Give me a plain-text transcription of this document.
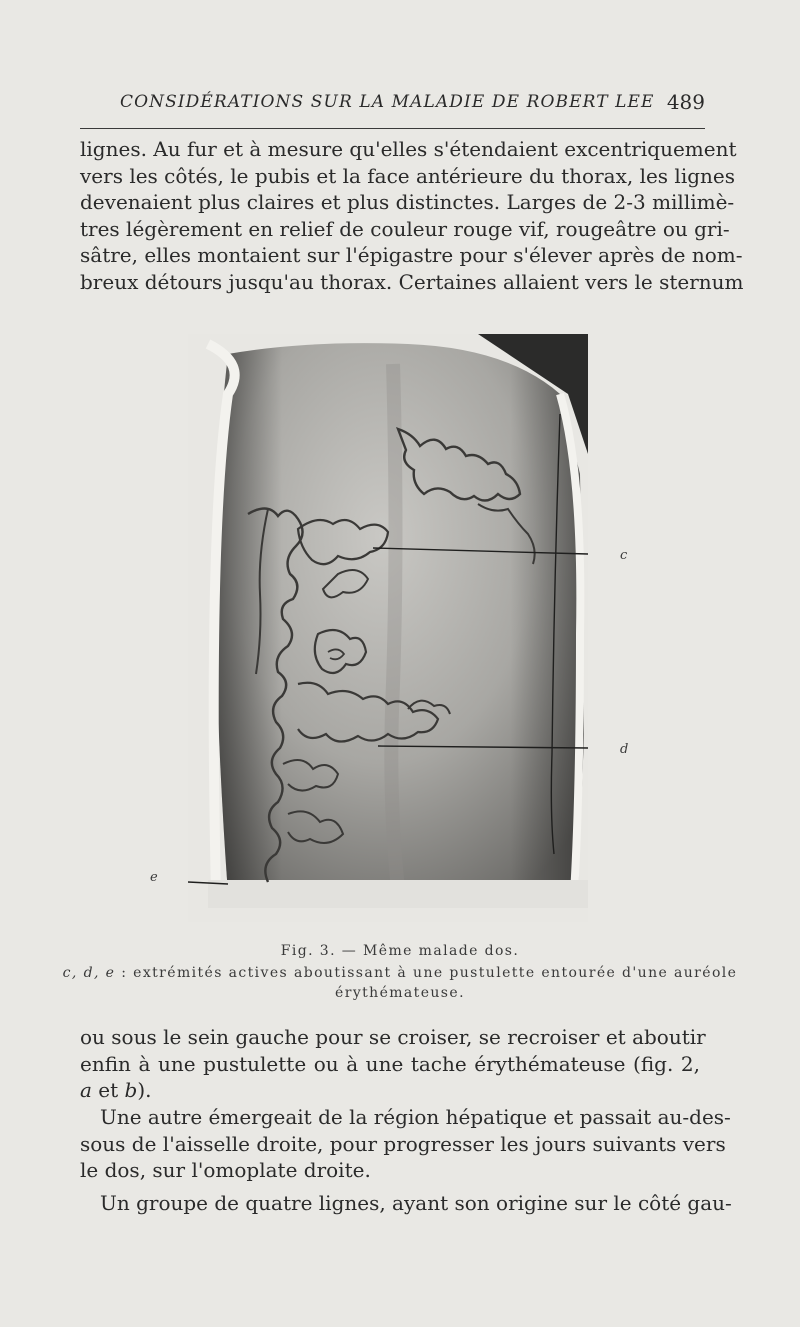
CONSIDÉRATIONS SUR LA MALADIE DE ROBERT LEE 489

lignes. Au fur et à mesure qu'elles s'étendaient excentriquement
vers les côtés, le pubis et la face antérieure du thorax, les lignes
devenaient plus claires et plus distinctes. Larges de 2-3 millimè-
tres légèrement en relief de couleur rouge vif, rougeâtre ou gri-
sâtre, elles montaient sur l'épigastre pour s'élever après de nom-
breux détours jusqu'au thorax. Certaines allaient vers le sternum

c
d
e
Fig. 3. — Même malade dos.
c, d, e : extrémités actives aboutissant à une pustulette entourée d'une auréole
érythémateuse.

ou sous le sein gauche pour se croiser, se recroiser et aboutir
enfin à une pustulette ou à une tache érythémateuse (fig. 2,
a et b).

Une autre émergeait de la région hépatique et passait au-des-
sous de l'aisselle droite, pour progresser les jours suivants vers
le dos, sur l'omoplate droite.

Un groupe de quatre lignes, ayant son origine sur le côté gau-
